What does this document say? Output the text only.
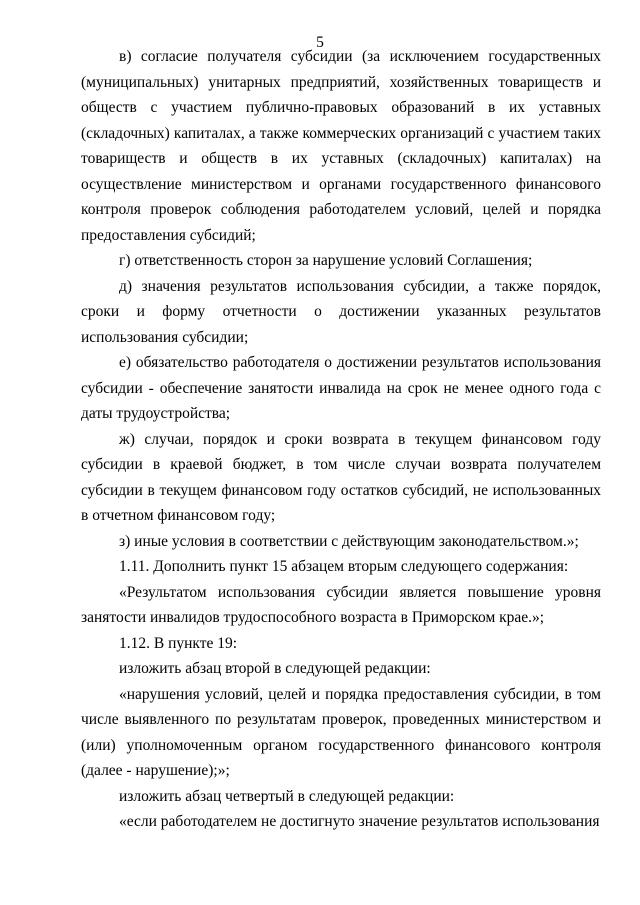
5

в) согласие получателя субсидии (за исключением государственных (муниципальных) унитарных предприятий, хозяйственных товариществ и обществ с участием публично-правовых образований в их уставных (складочных) капиталах, а также коммерческих организаций с участием таких товариществ и обществ в их уставных (складочных) капиталах) на осуществление министерством и органами государственного финансового контроля проверок соблюдения работодателем условий, целей и порядка предоставления субсидий;

г) ответственность сторон за нарушение условий Соглашения;

д) значения результатов использования субсидии, а также порядок, сроки и форму отчетности о достижении указанных результатов использования субсидии;

е) обязательство работодателя о достижении результатов использования субсидии - обеспечение занятости инвалида на срок не менее одного года с даты трудоустройства;

ж) случаи, порядок и сроки возврата в текущем финансовом году субсидии в краевой бюджет, в том числе случаи возврата получателем субсидии в текущем финансовом году остатков субсидий, не использованных в отчетном финансовом году;

з) иные условия в соответствии с действующим законодательством.»;

1.11. Дополнить пункт 15 абзацем вторым следующего содержания:

«Результатом использования субсидии является повышение уровня занятости инвалидов трудоспособного возраста в Приморском крае.»;

1.12. В пункте 19:

изложить абзац второй в следующей редакции:

«нарушения условий, целей и порядка предоставления субсидии, в том числе выявленного по результатам проверок, проведенных министерством и (или) уполномоченным органом государственного финансового контроля (далее - нарушение);»;

изложить абзац четвертый в следующей редакции:

«если работодателем не достигнуто значение результатов использования
